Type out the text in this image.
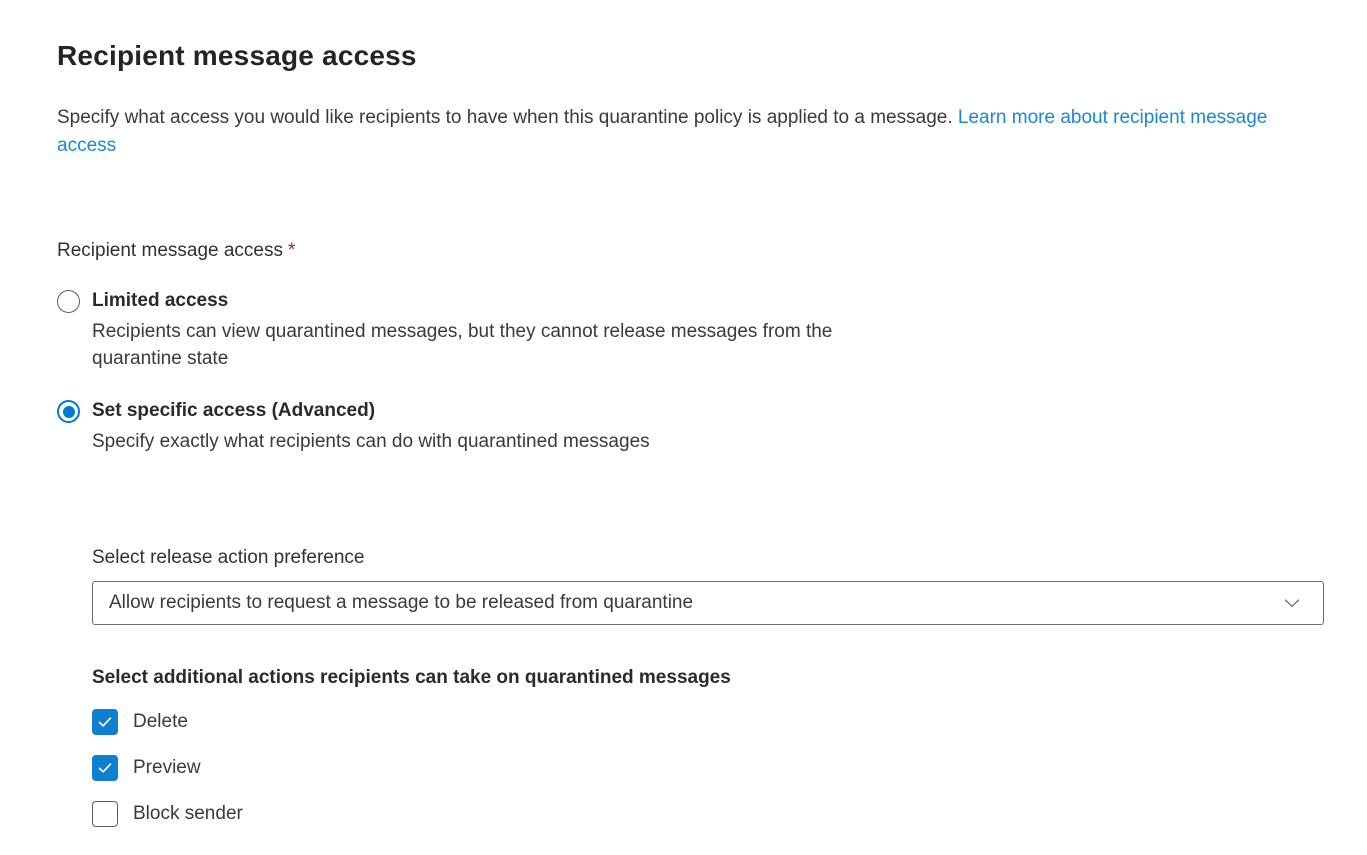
Recipient message access

Specify what access you would like recipients to have when this quarantine policy is applied to a message. Learn more about recipient message access

Recipient message access *
Limited access
Recipients can view quarantined messages, but they cannot release messages from the quarantine state
Set specific access (Advanced)
Specify exactly what recipients can do with quarantined messages
Select release action preference
Allow recipients to request a message to be released from quarantine
Select additional actions recipients can take on quarantined messages
Delete
Preview
Block sender
